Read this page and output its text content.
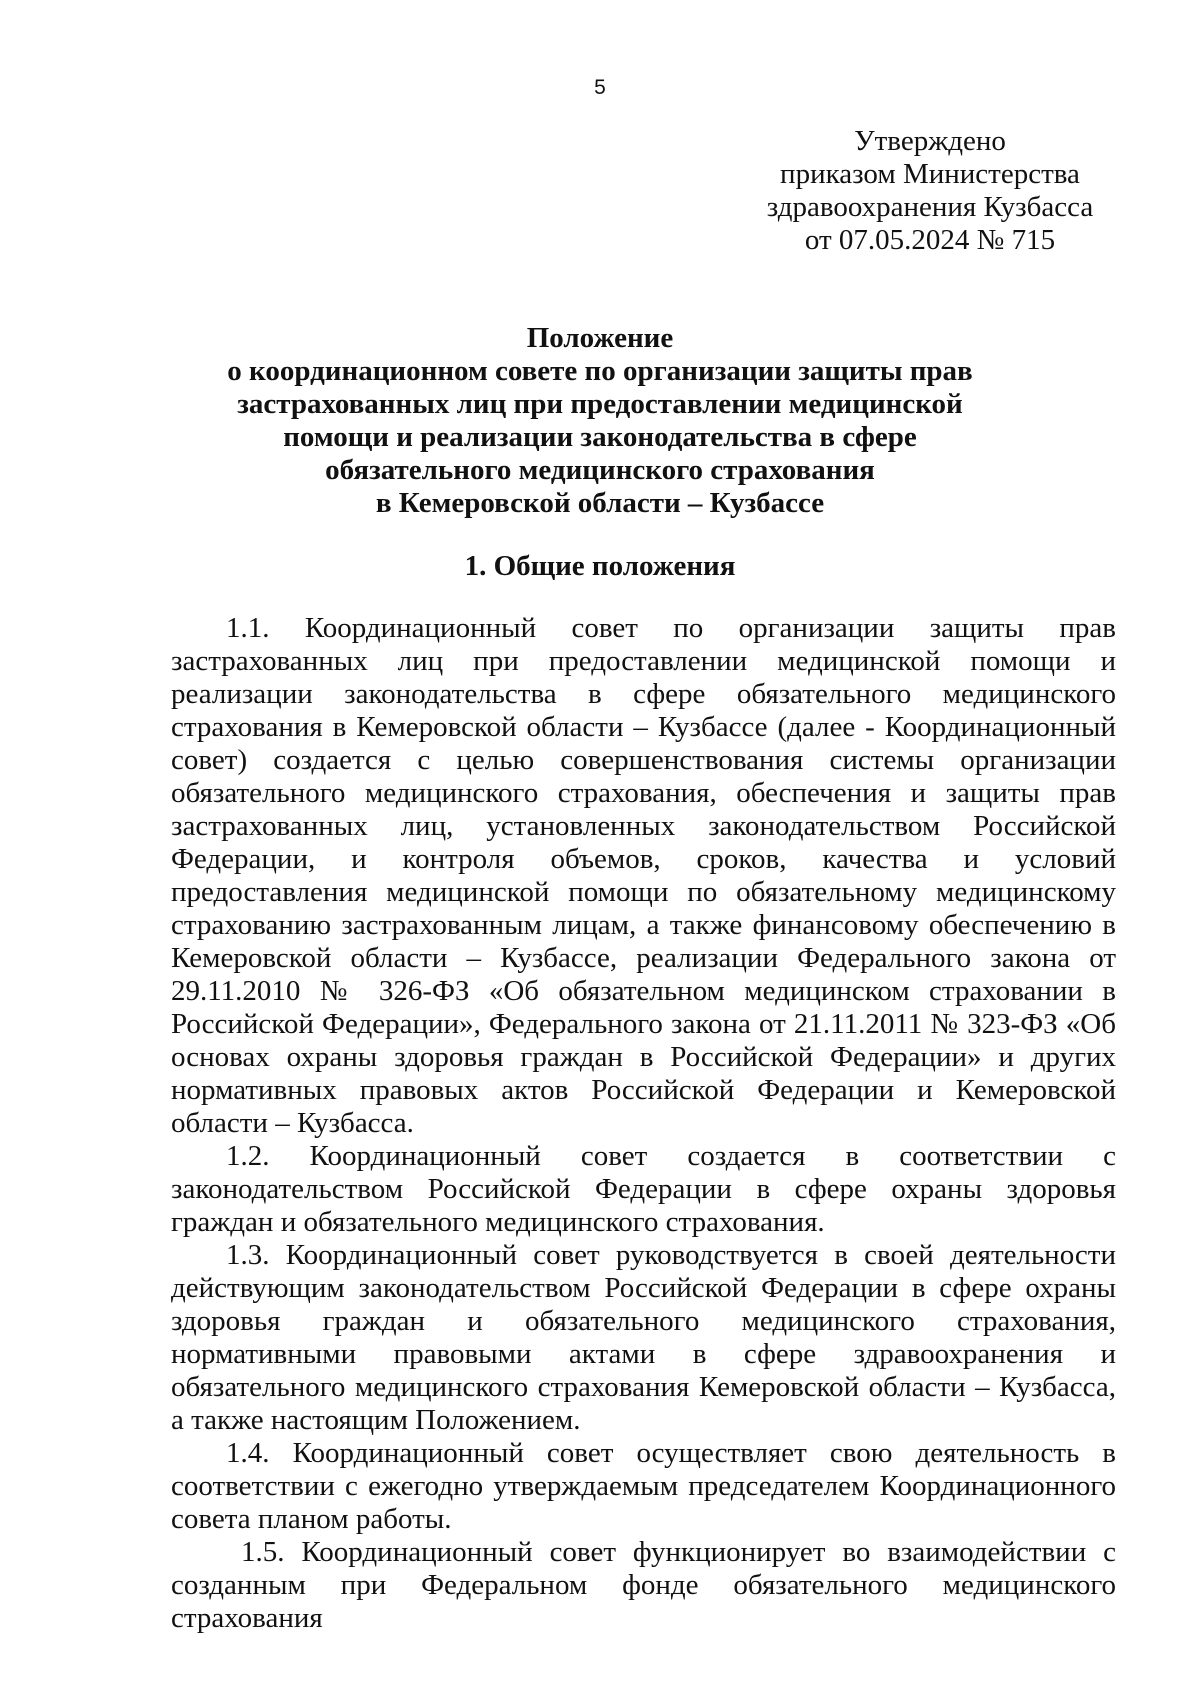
5
Утверждено
приказом Министерства
здравоохранения Кузбасса
от 07.05.2024 № 715
Положение
о координационном совете по организации защиты прав
застрахованных лиц при предоставлении медицинской
помощи и реализации законодательства в сфере
обязательного медицинского страхования
в Кемеровской области – Кузбассе
1. Общие положения

1.1. Координационный совет по организации защиты прав застрахованных лиц при предоставлении медицинской помощи и реализации законодательства в сфере обязательного медицинского страхования в Кемеровской области – Кузбассе (далее - Координационный совет) создается с целью совершенствования системы организации обязательного медицинского страхования, обеспечения и защиты прав застрахованных лиц, установленных законодательством Российской Федерации, и контроля объемов, сроков, качества и условий предоставления медицинской помощи по обязательному медицинскому страхованию застрахованным лицам, а также финансовому обеспечению в Кемеровской области – Кузбассе, реализации Федерального закона от 29.11.2010 № 326-ФЗ «Об обязательном медицинском страховании в Российской Федерации», Федерального закона от 21.11.2011 № 323-ФЗ «Об основах охраны здоровья граждан в Российской Федерации» и других нормативных правовых актов Российской Федерации и Кемеровской области – Кузбасса.

1.2. Координационный совет создается в соответствии с законодательством Российской Федерации в сфере охраны здоровья граждан и обязательного медицинского страхования.

1.3. Координационный совет руководствуется в своей деятельности действующим законодательством Российской Федерации в сфере охраны здоровья граждан и обязательного медицинского страхования, нормативными правовыми актами в сфере здравоохранения и обязательного медицинского страхования Кемеровской области – Кузбасса, а также настоящим Положением.

1.4. Координационный совет осуществляет свою деятельность в соответствии с ежегодно утверждаемым председателем Координационного совета планом работы.

1.5. Координационный совет функционирует во взаимодействии с созданным при Федеральном фонде обязательного медицинского страхования
